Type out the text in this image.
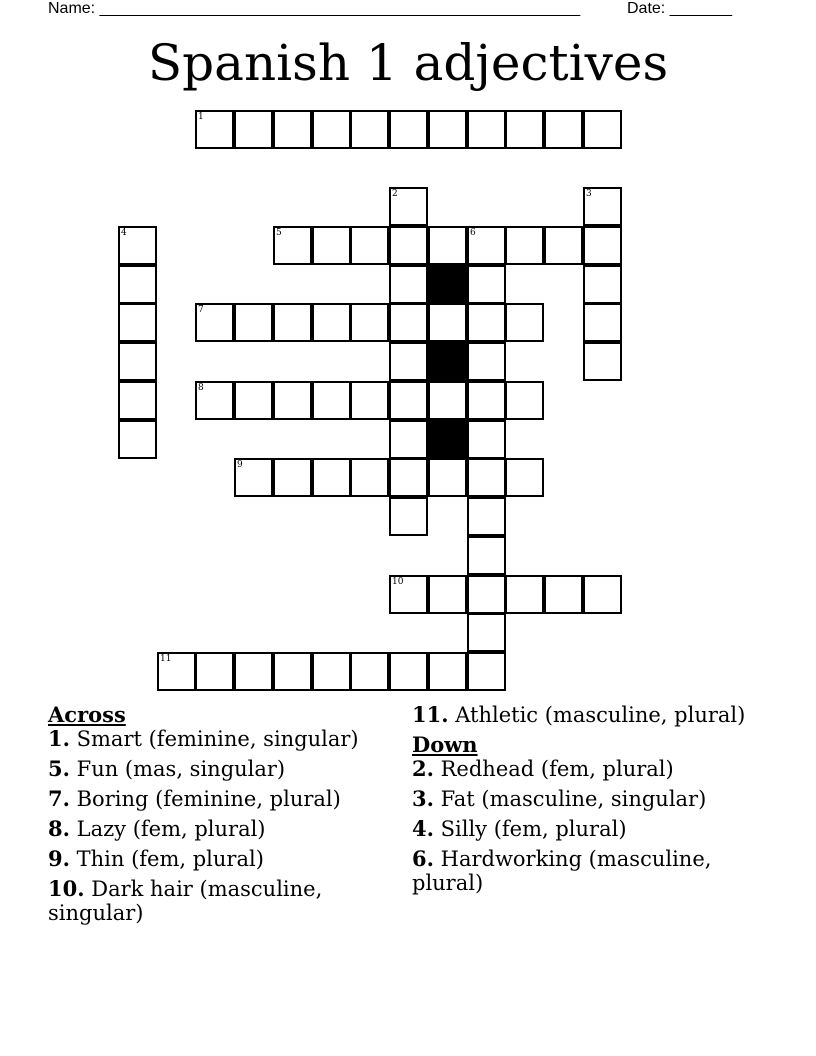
Name: ______________________________________________________	Date: _______
Spanish 1 adjectives
1
2	3
4	5	6
7
8
9
10
11

Across

1. Smart (feminine, singular)

5. Fun (mas, singular)

7. Boring (feminine, plural)

8. Lazy (fem, plural)

9. Thin (fem, plural)

10. Dark hair (masculine, singular)

11. Athletic (masculine, plural)

Down

2. Redhead (fem, plural)

3. Fat (masculine, singular)

4. Silly (fem, plural)

6. Hardworking (masculine, plural)
